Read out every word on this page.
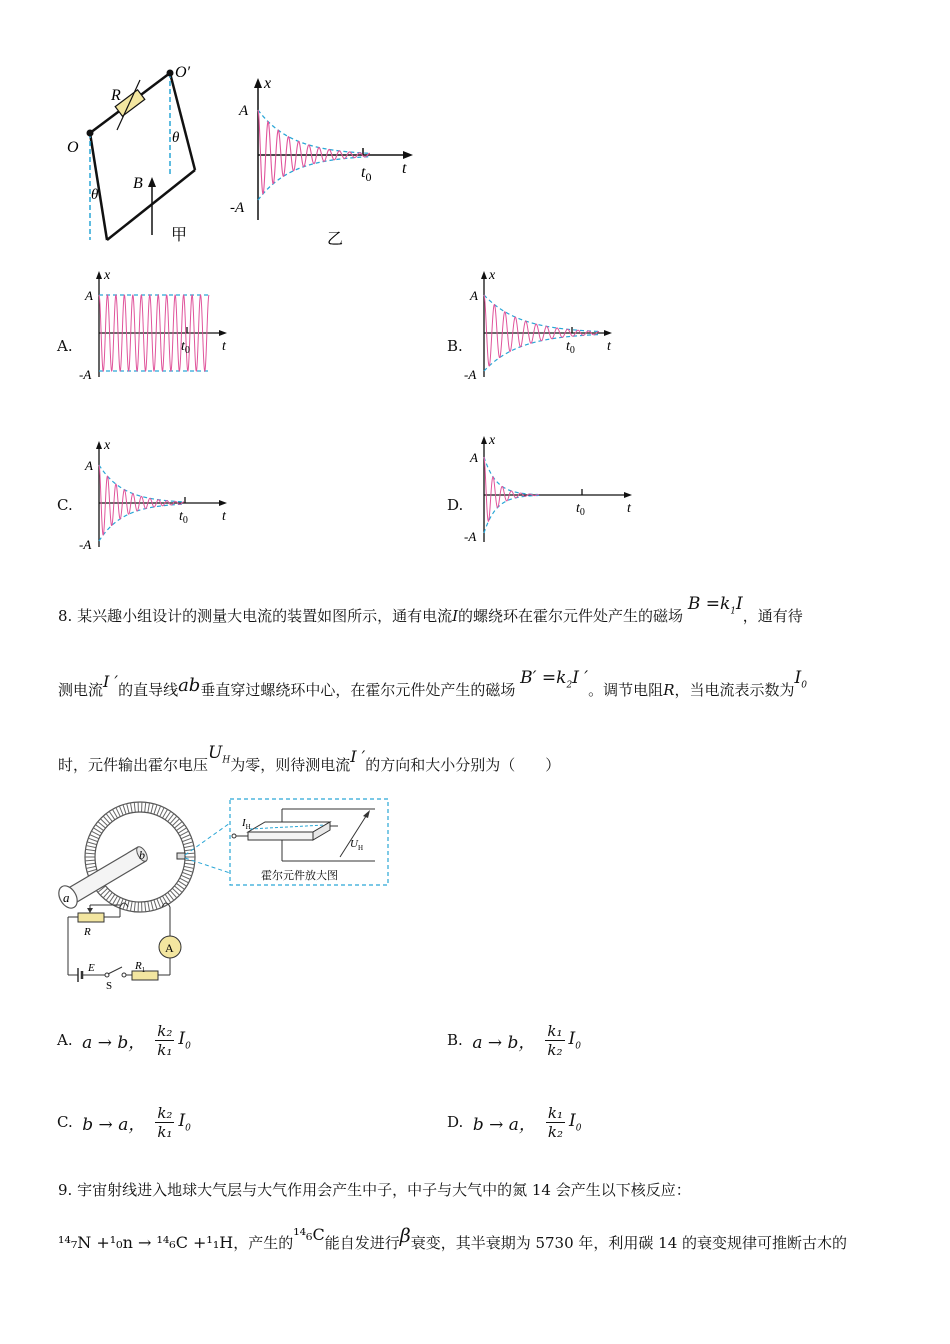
O
O′
R
B
θ
θ
甲
x
A
-A
$t_0$ t
乙
A.	B.
C.	D.
x
A
-A
$t_0$ t
x
A
-A
$t_0$ t
x
A
-A
$t_0$ t
x
A
-A
$t_0$	t
8. 某兴趣小组设计的测量大电流的装置如图所示，通有电流I的螺绕环在霍尔元件处产生的磁场 $B =k_1I$，通有待
测电流I ′的直导线ab垂直穿过螺绕环中心，在霍尔元件处产生的磁场 $B' =k_2I$ ′。调节电阻R，当电流表示数为$I_0$
时，元件输出霍尔电压$U_H$为零，则待测电流I ′的方向和大小分别为（　　）
a
b
$I_H$
$U_H$
霍尔元件放大图
R
E
S
$R_1$
A
A.
a → b， $\frac{\text{k₂}}{\text{k₁}} I_0$	B.
a → b， $\frac{\text{k₁}}{\text{k₂}} I_0$
C.
b → a， $\frac{\text{k₂}}{\text{k₁}} I_0$	D.
b → a， $\frac{\text{k₁}}{\text{k₂}} I_0$
9. 宇宙射线进入地球大气层与大气作用会产生中子，中子与大气中的氮 14 会产生以下核反应：
¹⁴₇N +¹₀n → ¹⁴₆C +¹₁H，产生的¹⁴₆C能自发进行β衰变，其半衰期为 5730 年，利用碳 14 的衰变规律可推断古木的
